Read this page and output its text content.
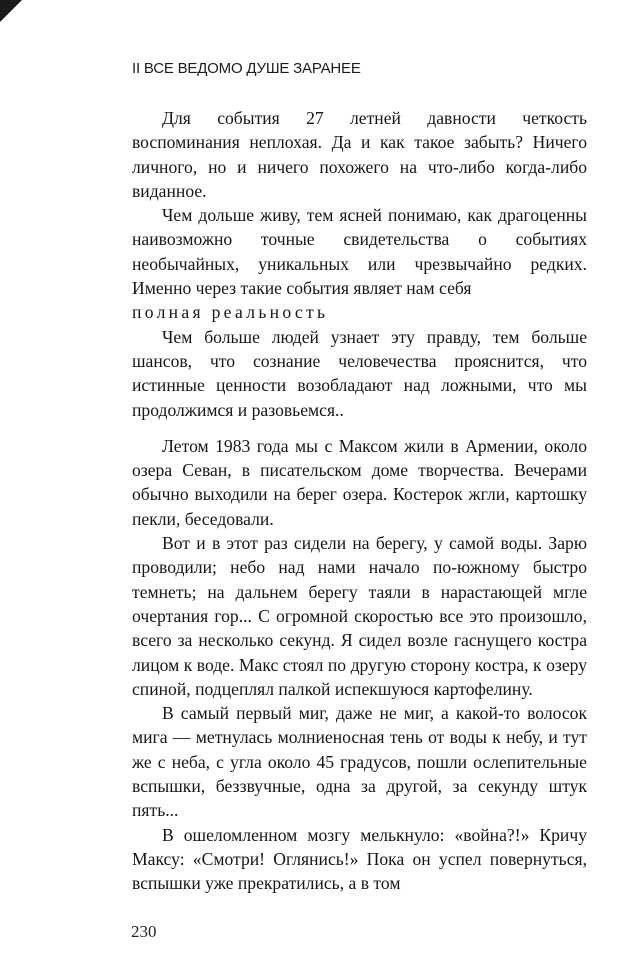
II ВСЕ ВЕДОМО ДУШЕ ЗАРАНЕЕ

Для события 27 летней давности четкость воспоминания неплохая. Да и как такое забыть? Ничего личного, но и ничего похожего на что-либо когда-либо виданное.

Чем дольше живу, тем ясней понимаю, как драгоценны наивозможно точные свидетельства о событиях необычайных, уникальных или чрезвычайно редких. Именно через такие события являет нам себя
полная реальность

Чем больше людей узнает эту правду, тем больше шансов, что сознание человечества прояснится, что истинные ценности возобладают над ложными, что мы продолжимся и разовьемся..

Летом 1983 года мы с Максом жили в Армении, около озера Севан, в писательском доме творчества. Вечерами обычно выходили на берег озера. Костерок жгли, картошку пекли, беседовали.

Вот и в этот раз сидели на берегу, у самой воды. Зарю проводили; небо над нами начало по-южному быстро темнеть; на дальнем берегу таяли в нарастающей мгле очертания гор... С огромной скоростью все это произошло, всего за несколько секунд. Я сидел возле гаснущего костра лицом к воде. Макс стоял по другую сторону костра, к озеру спиной, подцеплял палкой испекшуюся картофелину.

В самый первый миг, даже не миг, а какой-то волосок мига — метнулась молниеносная тень от воды к небу, и тут же с неба, с угла около 45 градусов, пошли ослепительные вспышки, беззвучные, одна за другой, за секунду штук пять...

В ошеломленном мозгу мелькнуло: «война?!» Кричу Максу: «Смотри! Оглянись!» Пока он успел повернуться, вспышки уже прекратились, а в том

230
